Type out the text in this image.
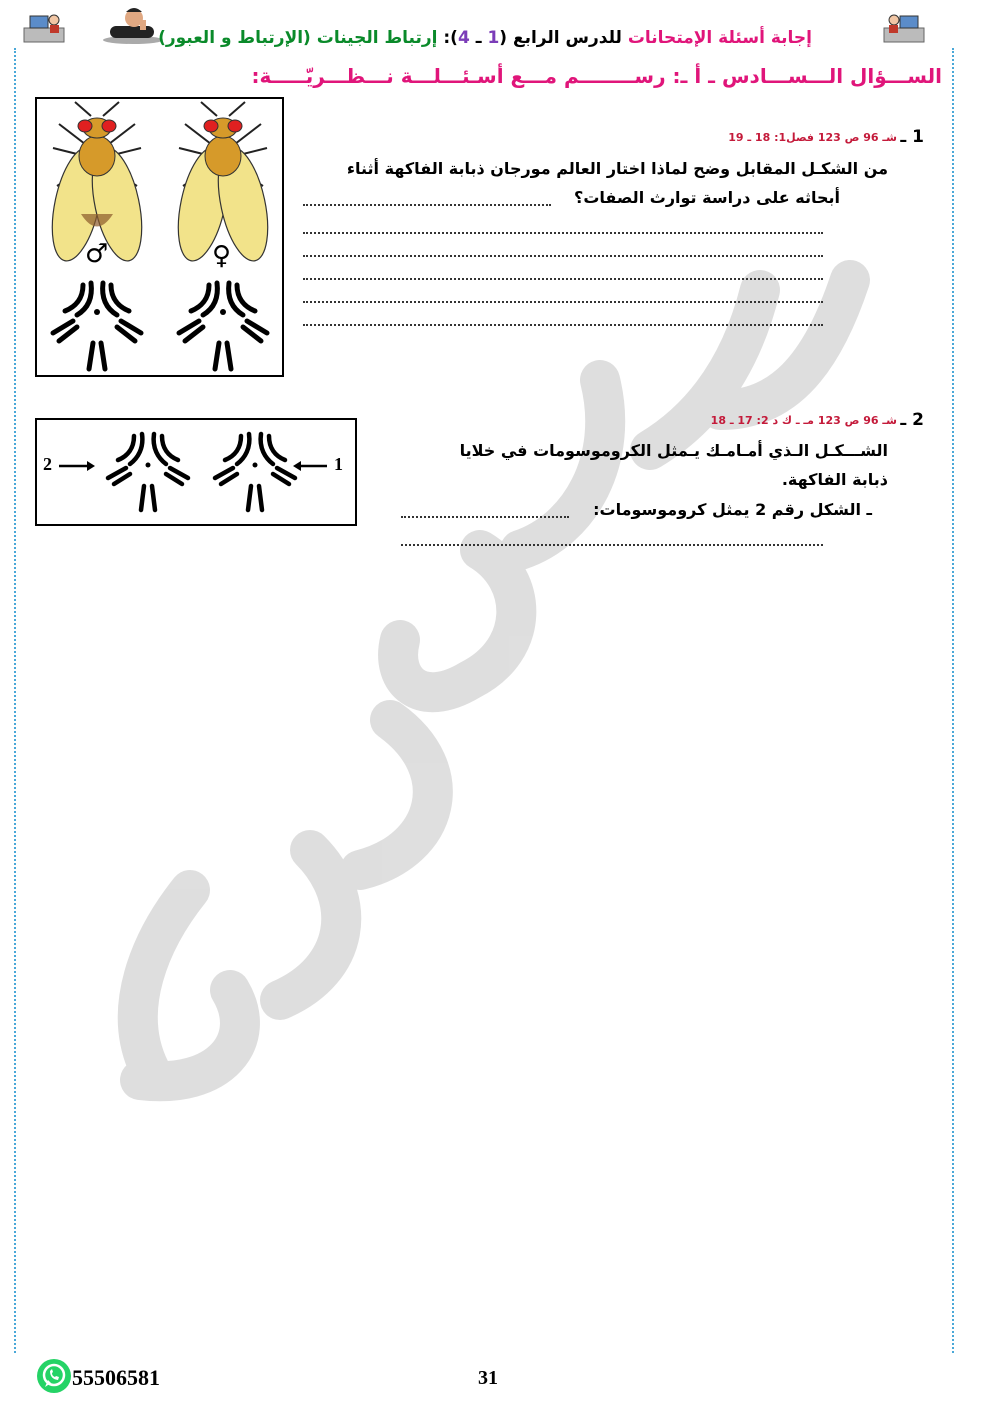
إجابة أسئلة الإمتحانات للدرس الرابع (1 ـ 4): إرتباط الجينات (الإرتباط و العبور)
الســـؤال الـــســـادس ـ أ ـ: رســــــــم مـــع أسـئـــلـــة نـــظـــريّـــــة:
1 ـ
شـ 96 ص 123 فصل1: 18 ـ 19
من الشكـل المقابل وضح لماذا اختار العالم مورجان ذبابة الفاكهة أثناء
أبحاثه على دراسة توارث الصفات؟
♂	♀
2 ـ
شـ 96 ص 123 مـ ـ ك د 2: 17 ـ 18
الشـــكـل الـذي أمـامـك يـمثل الكروموسومات في خلايا
ذبابة الفاكهة.
ـ الشكل رقم 2 يمثل كروموسومات:
2	1
55506581	31
